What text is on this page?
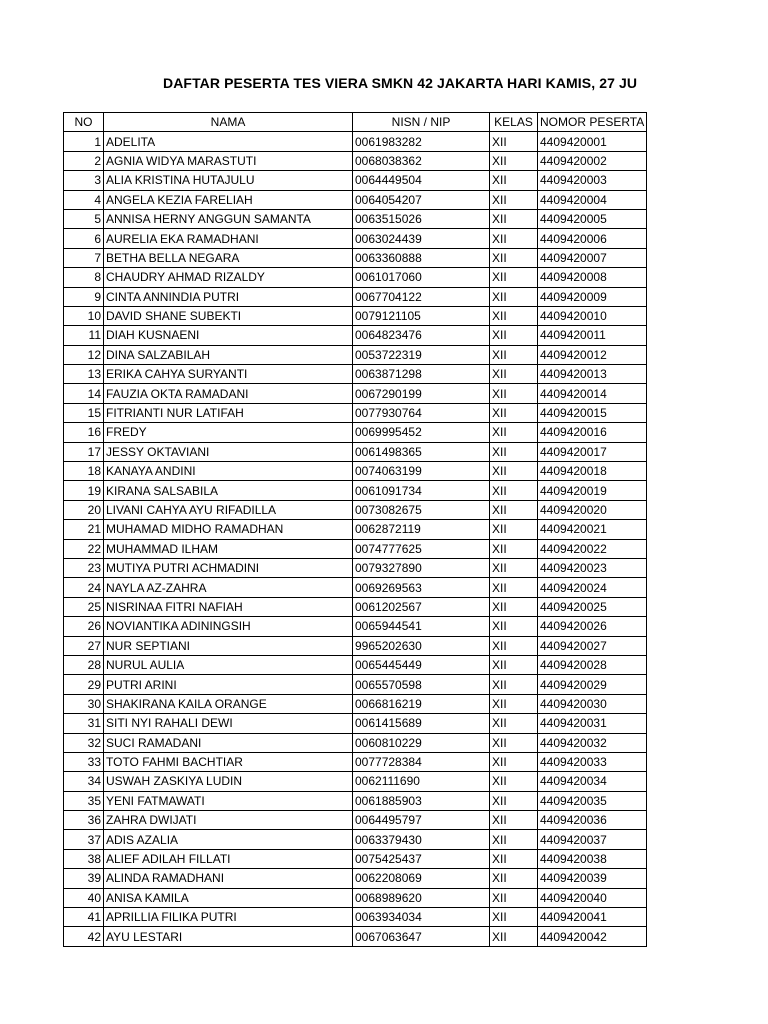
DAFTAR PESERTA TES VIERA SMKN 42 JAKARTA HARI KAMIS, 27 JU
NO	NAMA	NISN / NIP	KELAS	NOMOR PESERTA
1	ADELITA	0061983282	XII	4409420001
2	AGNIA WIDYA MARASTUTI	0068038362	XII	4409420002
3	ALIA KRISTINA HUTAJULU	0064449504	XII	4409420003
4	ANGELA KEZIA FARELIAH	0064054207	XII	4409420004
5	ANNISA HERNY ANGGUN SAMANTA	0063515026	XII	4409420005
6	AURELIA EKA RAMADHANI	0063024439	XII	4409420006
7	BETHA BELLA NEGARA	0063360888	XII	4409420007
8	CHAUDRY AHMAD RIZALDY	0061017060	XII	4409420008
9	CINTA ANNINDIA PUTRI	0067704122	XII	4409420009
10	DAVID SHANE SUBEKTI	0079121105	XII	4409420010
11	DIAH KUSNAENI	0064823476	XII	4409420011
12	DINA SALZABILAH	0053722319	XII	4409420012
13	ERIKA CAHYA SURYANTI	0063871298	XII	4409420013
14	FAUZIA OKTA RAMADANI	0067290199	XII	4409420014
15	FITRIANTI NUR LATIFAH	0077930764	XII	4409420015
16	FREDY	0069995452	XII	4409420016
17	JESSY OKTAVIANI	0061498365	XII	4409420017
18	KANAYA ANDINI	0074063199	XII	4409420018
19	KIRANA SALSABILA	0061091734	XII	4409420019
20	LIVANI CAHYA AYU RIFADILLA	0073082675	XII	4409420020
21	MUHAMAD MIDHO RAMADHAN	0062872119	XII	4409420021
22	MUHAMMAD ILHAM	0074777625	XII	4409420022
23	MUTIYA PUTRI ACHMADINI	0079327890	XII	4409420023
24	NAYLA AZ-ZAHRA	0069269563	XII	4409420024
25	NISRINAA FITRI NAFIAH	0061202567	XII	4409420025
26	NOVIANTIKA ADININGSIH	0065944541	XII	4409420026
27	NUR SEPTIANI	9965202630	XII	4409420027
28	NURUL AULIA	0065445449	XII	4409420028
29	PUTRI ARINI	0065570598	XII	4409420029
30	SHAKIRANA KAILA ORANGE	0066816219	XII	4409420030
31	SITI NYI RAHALI DEWI	0061415689	XII	4409420031
32	SUCI RAMADANI	0060810229	XII	4409420032
33	TOTO FAHMI BACHTIAR	0077728384	XII	4409420033
34	USWAH ZASKIYA LUDIN	0062111690	XII	4409420034
35	YENI FATMAWATI	0061885903	XII	4409420035
36	ZAHRA DWIJATI	0064495797	XII	4409420036
37	ADIS AZALIA	0063379430	XII	4409420037
38	ALIEF ADILAH FILLATI	0075425437	XII	4409420038
39	ALINDA RAMADHANI	0062208069	XII	4409420039
40	ANISA KAMILA	0068989620	XII	4409420040
41	APRILLIA FILIKA PUTRI	0063934034	XII	4409420041
42	AYU LESTARI	0067063647	XII	4409420042
